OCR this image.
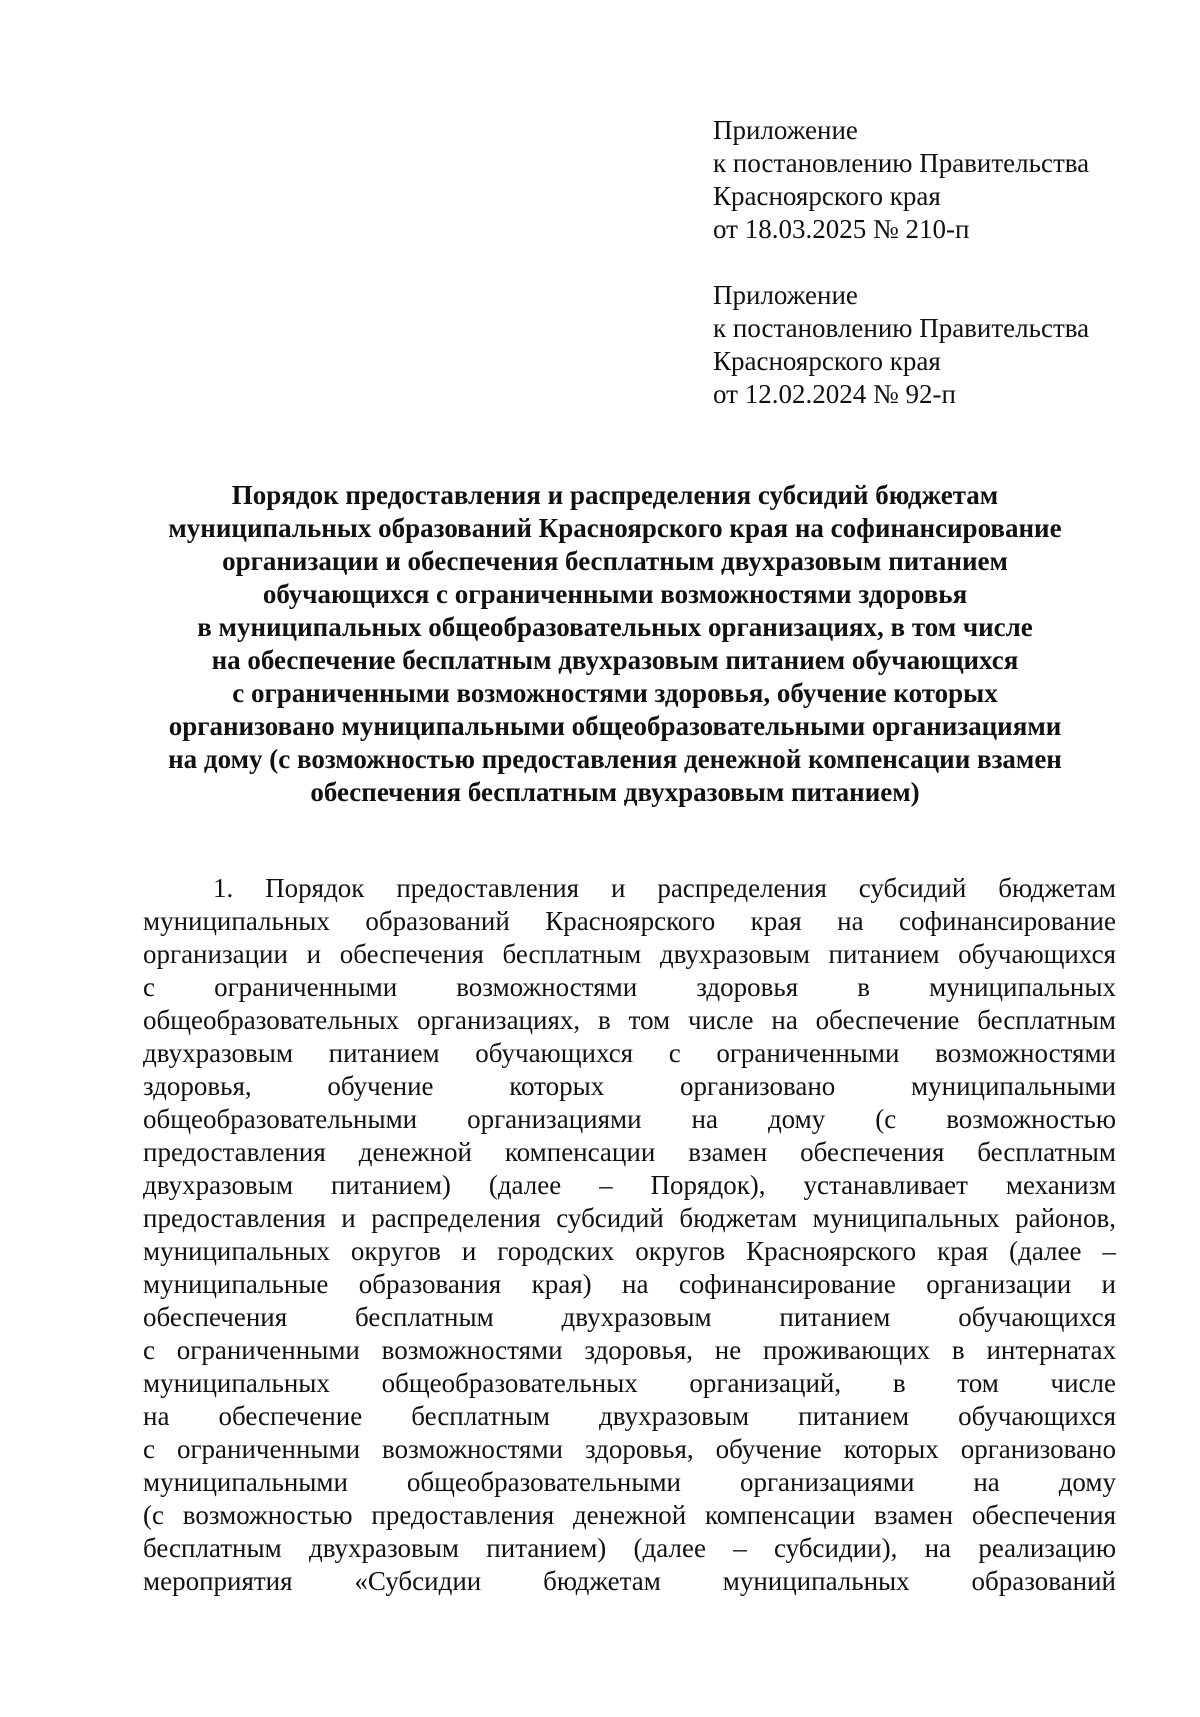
Приложение
к постановлению Правительства
Красноярского края
от 18.03.2025 № 210-п
Приложение
к постановлению Правительства
Красноярского края
от 12.02.2024 № 92-п
Порядок предоставления и распределения субсидий бюджетам
муниципальных образований Красноярского края на софинансирование
организации и обеспечения бесплатным двухразовым питанием
обучающихся с ограниченными возможностями здоровья
в муниципальных общеобразовательных организациях, в том числе
на обеспечение бесплатным двухразовым питанием обучающихся
с ограниченными возможностями здоровья, обучение которых
организовано муниципальными общеобразовательными организациями
на дому (с возможностью предоставления денежной компенсации взамен
обеспечения бесплатным двухразовым питанием)
1. Порядок предоставления и распределения субсидий бюджетам
муниципальных образований Красноярского края на софинансирование
организации и обеспечения бесплатным двухразовым питанием обучающихся
с ограниченными возможностями здоровья в муниципальных
общеобразовательных организациях, в том числе на обеспечение бесплатным
двухразовым питанием обучающихся с ограниченными возможностями
здоровья, обучение которых организовано муниципальными
общеобразовательными организациями на дому (с возможностью
предоставления денежной компенсации взамен обеспечения бесплатным
двухразовым питанием) (далее – Порядок), устанавливает механизм
предоставления и распределения субсидий бюджетам муниципальных районов,
муниципальных округов и городских округов Красноярского края (далее –
муниципальные образования края) на софинансирование организации и
обеспечения бесплатным двухразовым питанием обучающихся
с ограниченными возможностями здоровья, не проживающих в интернатах
муниципальных общеобразовательных организаций, в том числе
на обеспечение бесплатным двухразовым питанием обучающихся
с ограниченными возможностями здоровья, обучение которых организовано
муниципальными общеобразовательными организациями на дому
(с возможностью предоставления денежной компенсации взамен обеспечения
бесплатным двухразовым питанием) (далее – субсидии), на реализацию
мероприятия «Субсидии бюджетам муниципальных образований
